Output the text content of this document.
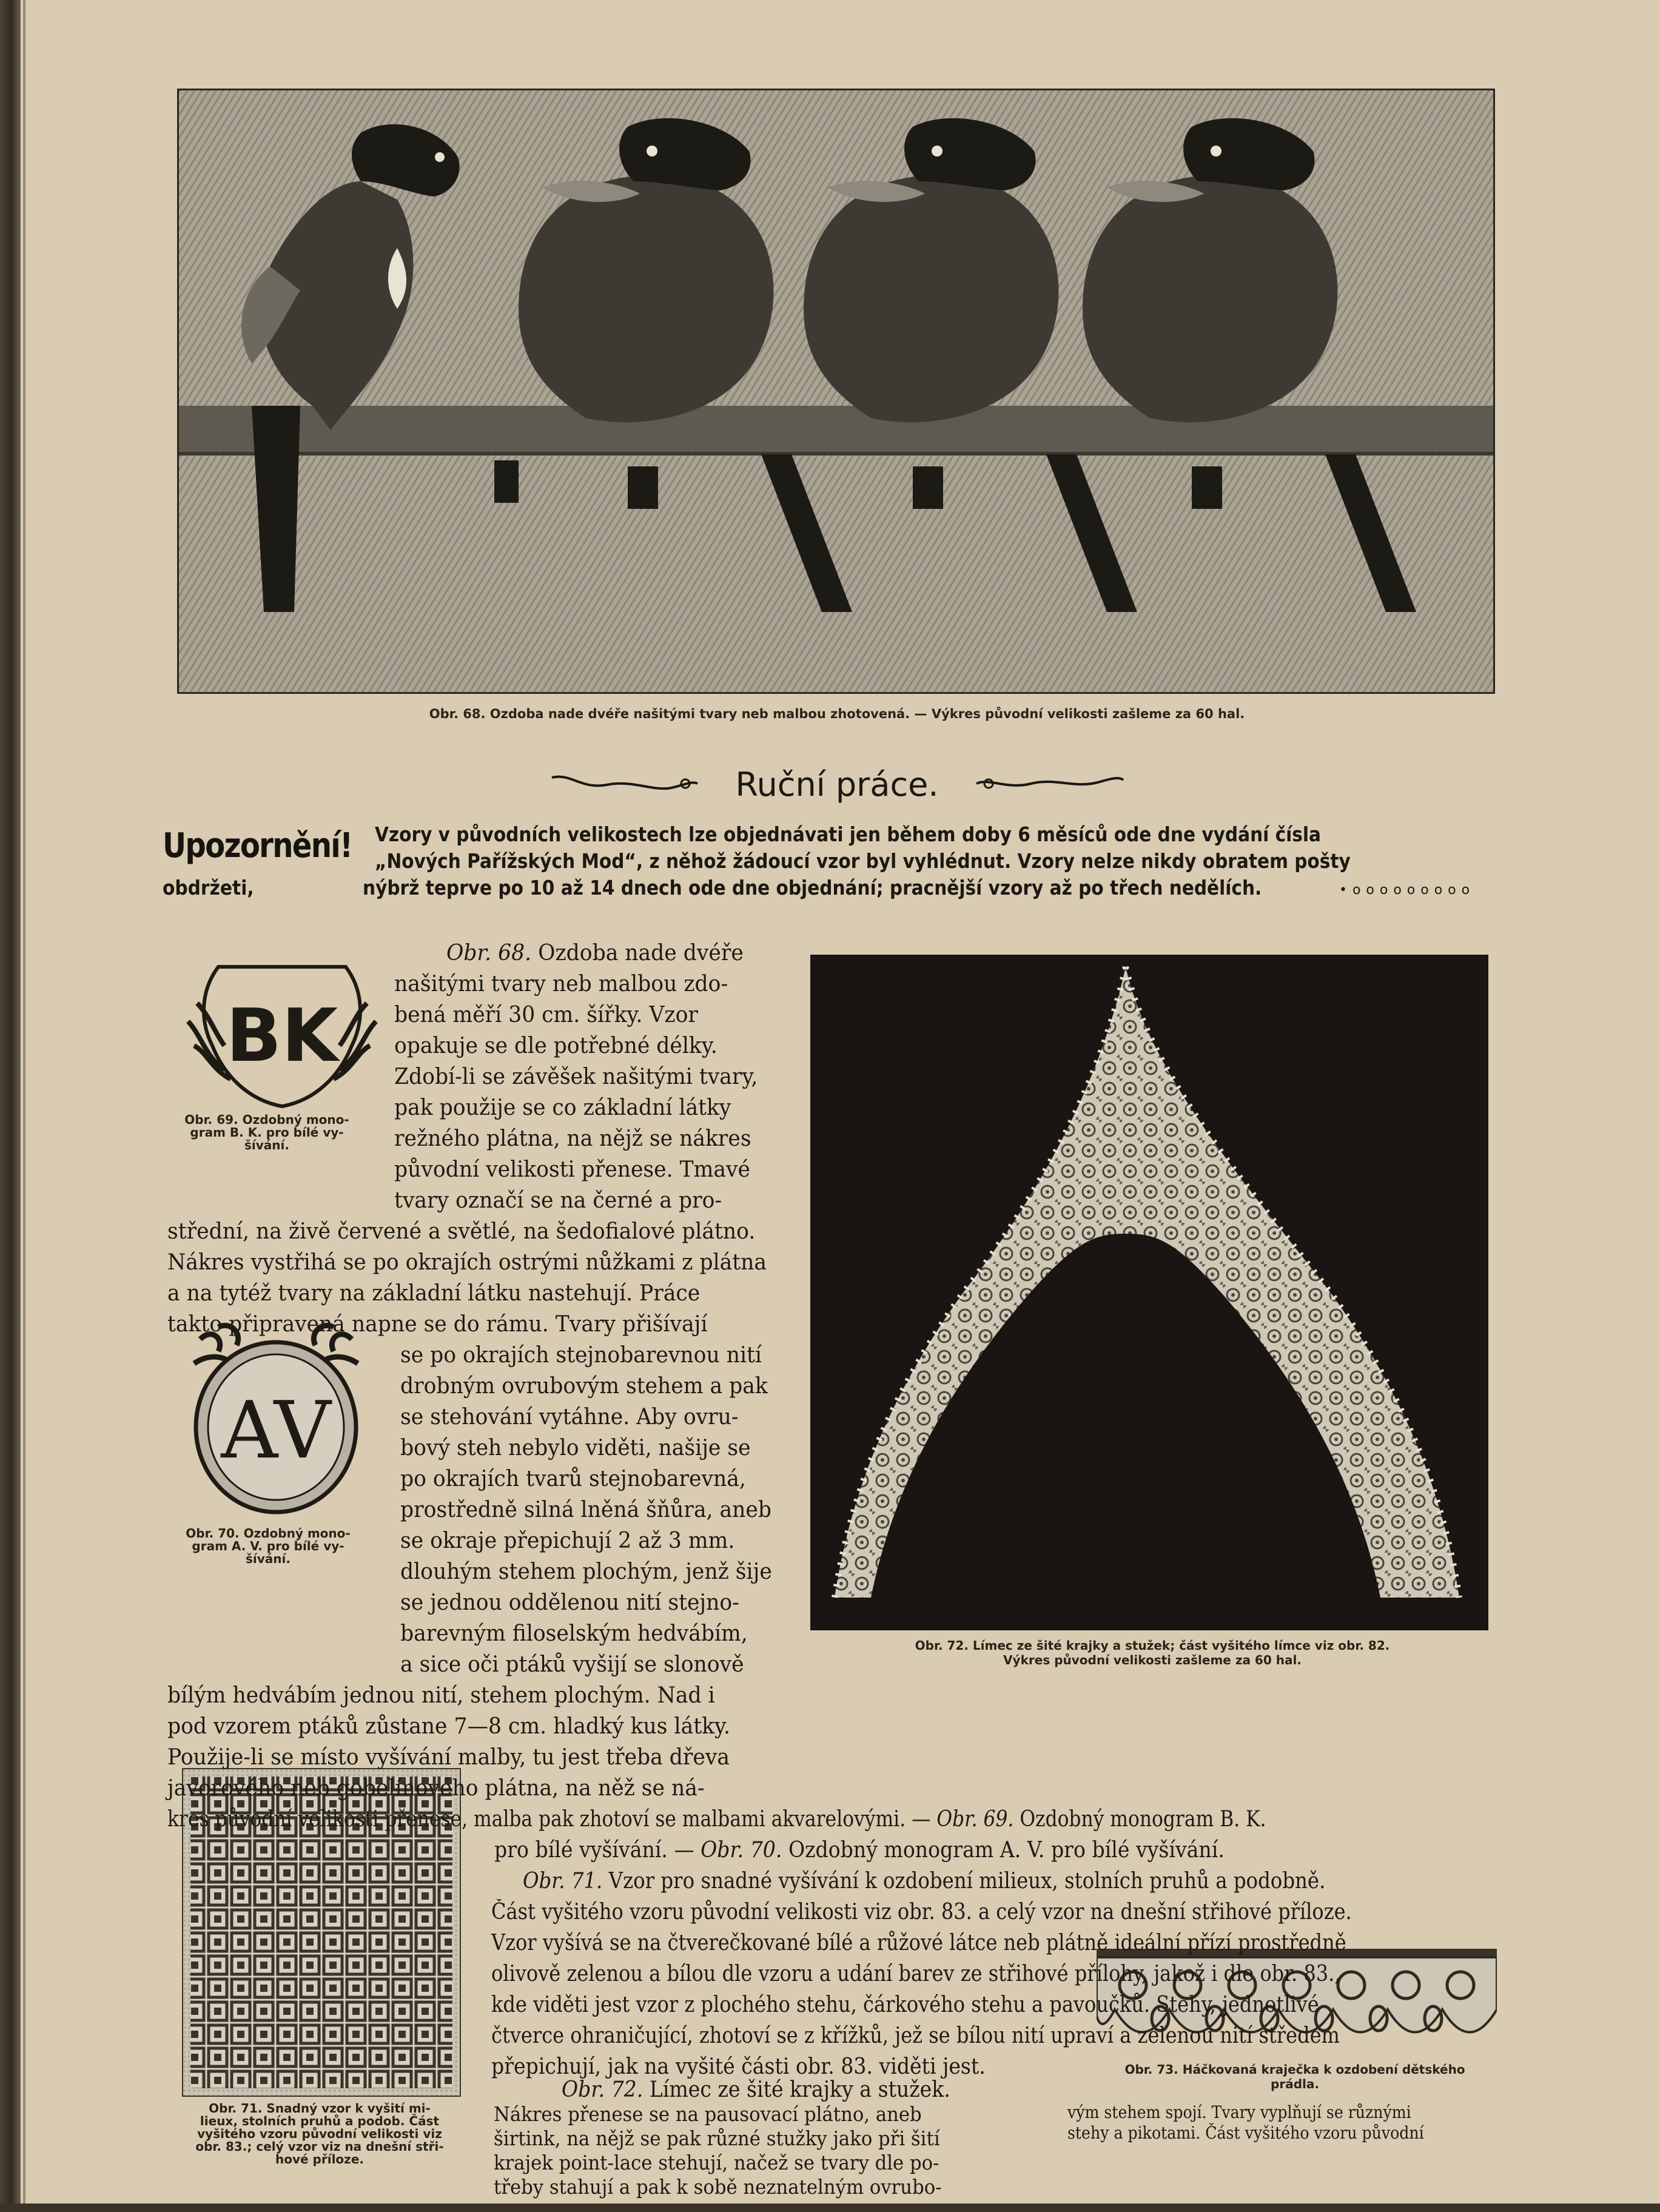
Obr. 68. Ozdoba nade dvéře našitými tvary neb malbou zhotovená. — Výkres původní velikosti zašleme za 60 hal.
Ruční práce.
Upozornění! Vzory v původních velikostech lze objednávati jen během doby 6 měsíců ode dne vydání čísla
„Nových Pařížských Mod“, z něhož žádoucí vzor byl vyhlédnut. Vzory nelze nikdy obratem pošty
obdržeti,	nýbrž teprve po 10 až 14 dnech ode dne objednání; pracnější vzory až po třech nedělích.	• o o o o o o o o o
BK
Obr. 69. Ozdobný mono-
gram B. K. pro bílé vy-
šívání.
AV
Obr. 70. Ozdobný mono-
gram A. V. pro bílé vy-
šívání.
Obr. 72. Límec ze šité krajky a stužek; část vyšitého límce viz obr. 82.
Výkres původní velikosti zašleme za 60 hal.
Obr. 71. Snadný vzor k vyšití mi-
lieux, stolních pruhů a podob. Část
vyšitého vzoru původní velikosti viz
obr. 83.; celý vzor viz na dnešní stři-
hové příloze.
Obr. 73. Háčkovaná kraječka k ozdobení dětského
prádla.
Obr. 68. Ozdoba nade dvéře
našitými tvary neb malbou zdo-
bená měří 30 cm. šířky. Vzor
opakuje se dle potřebné délky.
Zdobí-li se závěšek našitými tvary,
pak použije se co základní látky
režného plátna, na nějž se nákres
původní velikosti přenese. Tmavé
tvary označí se na černé a pro-
střední, na živě červené a světlé, na šedofialové plátno.
Nákres vystřihá se po okrajích ostrými nůžkami z plátna
a na tytéž tvary na základní látku nastehují. Práce
takto připravená napne se do rámu. Tvary přišívají
se po okrajích stejnobarevnou nití
drobným ovrubovým stehem a pak
se stehování vytáhne. Aby ovru-
bový steh nebylo viděti, našije se
po okrajích tvarů stejnobarevná,
prostředně silná lněná šňůra, aneb
se okraje přepichují 2 až 3 mm.
dlouhým stehem plochým, jenž šije
se jednou oddělenou nití stejno-
barevným filoselským hedvábím,
a sice oči ptáků vyšijí se slonově
bílým hedvábím jednou nití, stehem plochým. Nad i
pod vzorem ptáků zůstane 7—8 cm. hladký kus látky.
Použije-li se místo vyšívání malby, tu jest třeba dřeva
javorového neb gobelínového plátna, na něž se ná-
kres původní velikosti přenese, malba pak zhotoví se malbami akvarelovými. — Obr. 69. Ozdobný monogram B. K.
pro bílé vyšívání. — Obr. 70. Ozdobný monogram A. V. pro bílé vyšívání.
Obr. 71. Vzor pro snadné vyšívání k ozdobení milieux, stolních pruhů a podobně.
Část vyšitého vzoru původní velikosti viz obr. 83. a celý vzor na dnešní střihové příloze.
Vzor vyšívá se na čtverečkované bílé a růžové látce neb plátně ideální přízí prostředně
olivově zelenou a bílou dle vzoru a udání barev ze střihové přílohy, jakož i dle obr. 83.,
kde viděti jest vzor z plochého stehu, čárkového stehu a pavoučků. Stehy, jednotlivé
čtverce ohraničující, zhotoví se z křížků, jež se bílou nití upraví a zelenou nití středem
přepichují, jak na vyšité části obr. 83. viděti jest.
Obr. 72. Límec ze šité krajky a stužek.
Nákres přenese se na pausovací plátno, aneb
širtink, na nějž se pak různé stužky jako při šití
krajek point-lace stehují, načež se tvary dle po-
třeby stahují a pak k sobě neznatelným ovrubo-
vým stehem spojí. Tvary vyplňují se různými
stehy a pikotami. Část vyšitého vzoru původní
